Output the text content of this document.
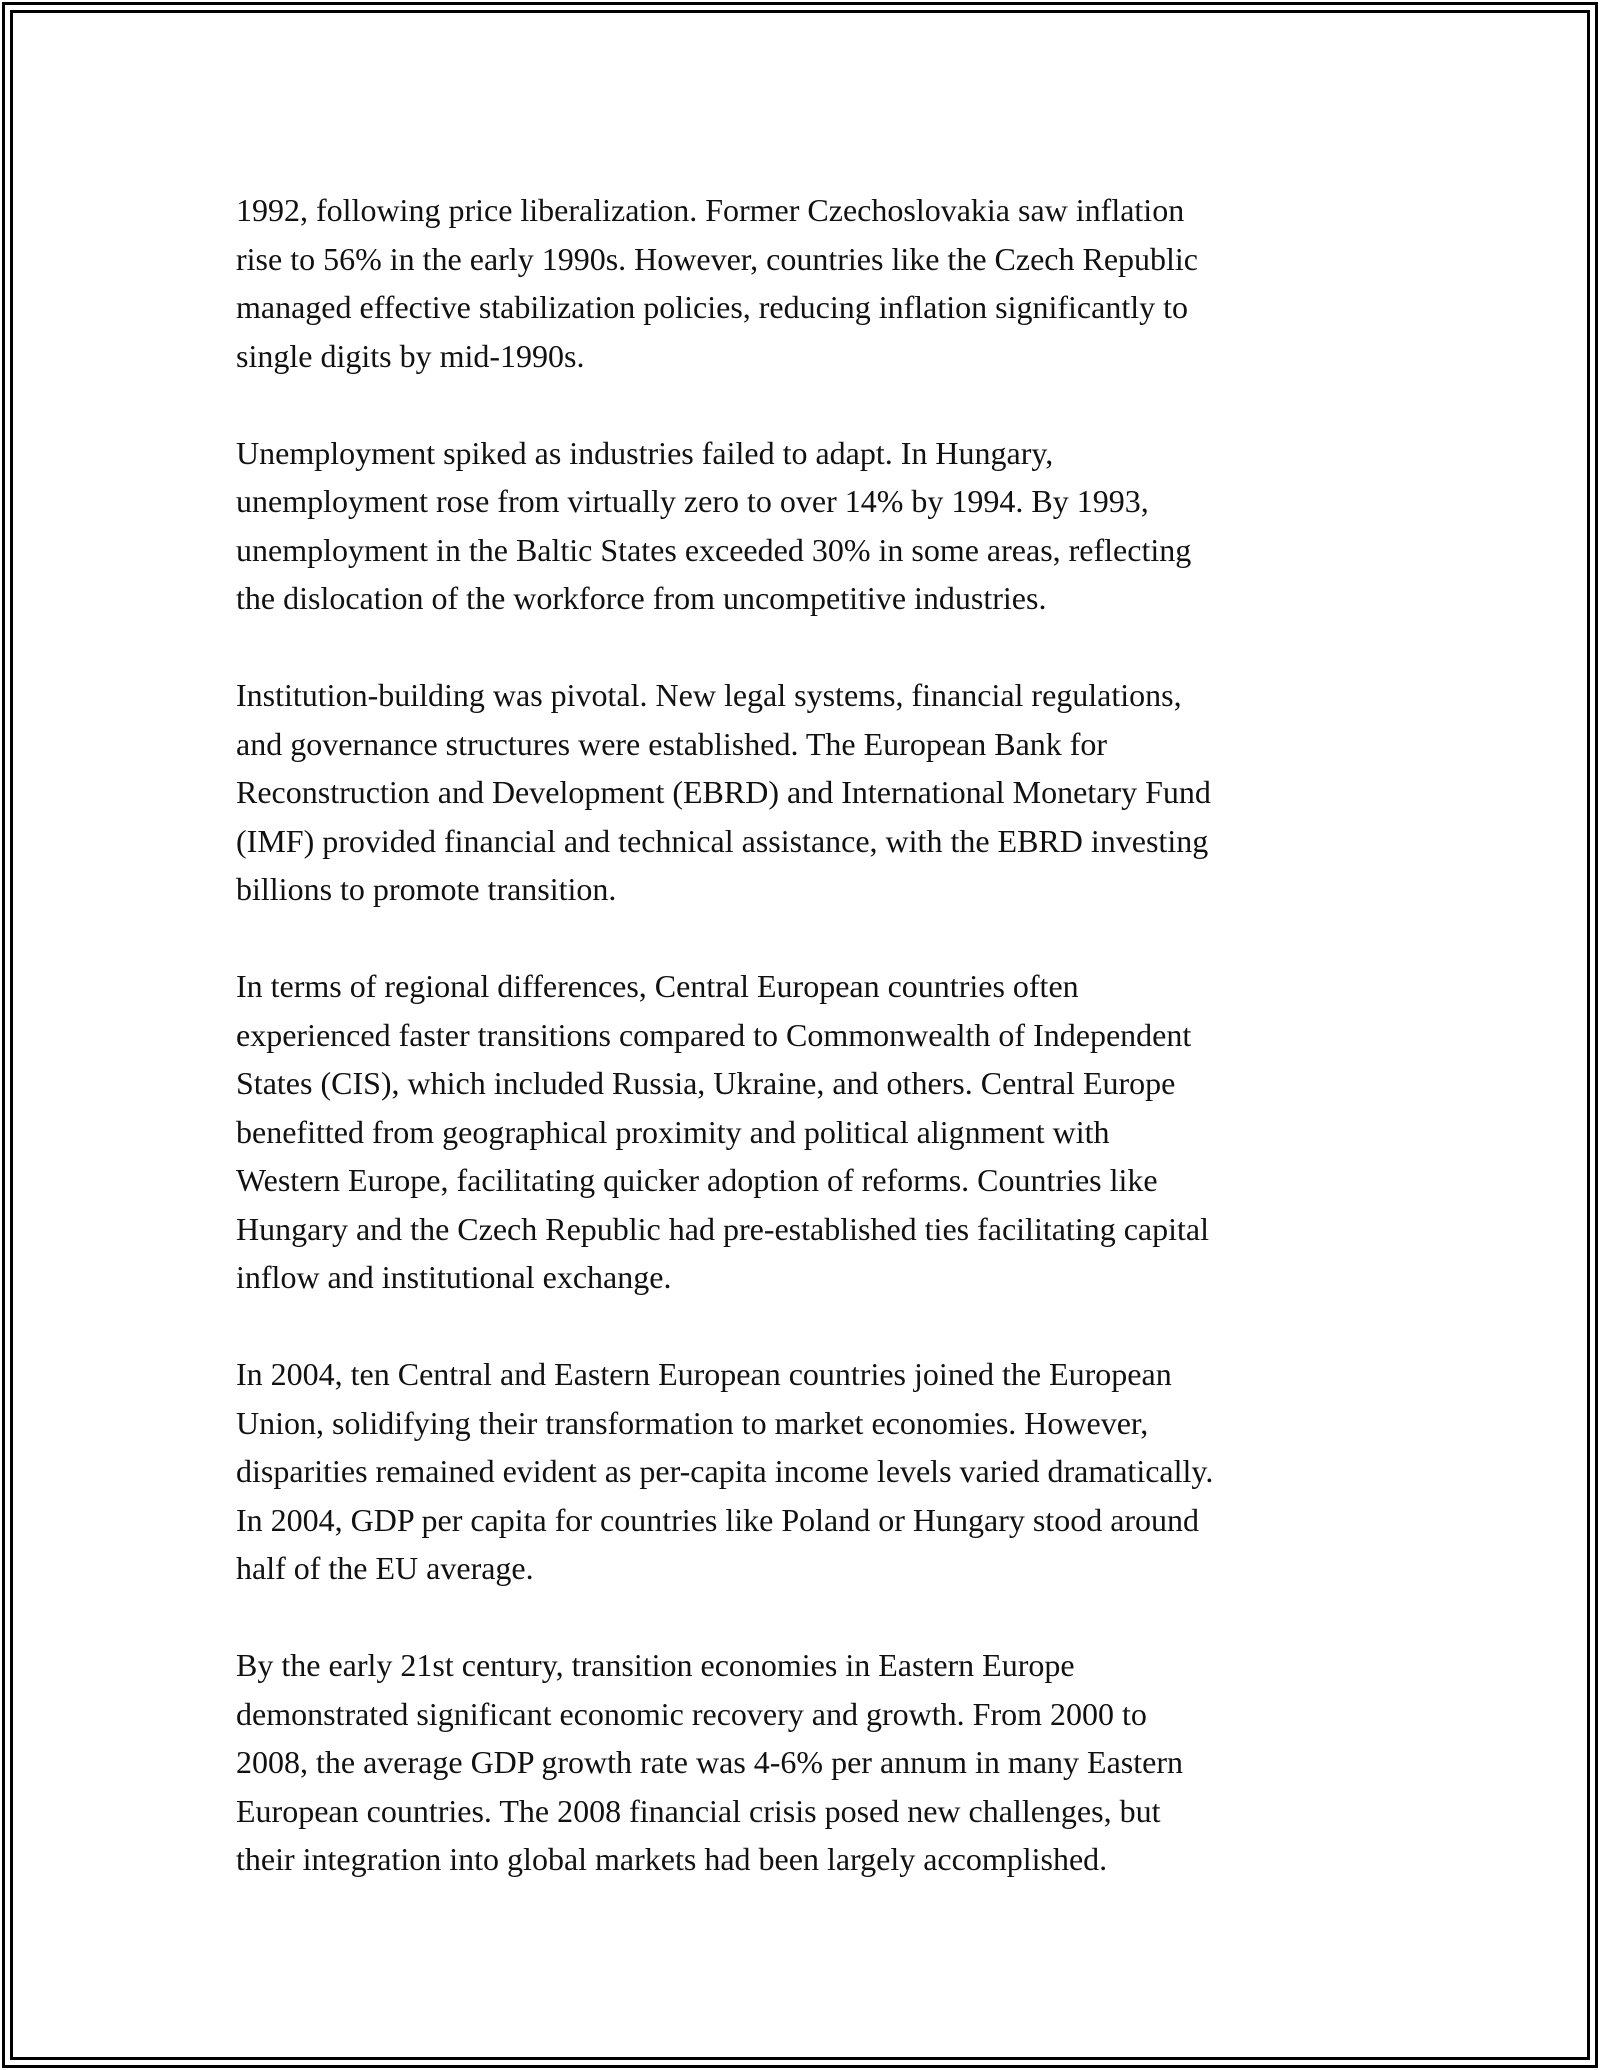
1992, following price liberalization. Former Czechoslovakia saw inflation
rise to 56% in the early 1990s. However, countries like the Czech Republic
managed effective stabilization policies, reducing inflation significantly to
single digits by mid-1990s.

Unemployment spiked as industries failed to adapt. In Hungary,
unemployment rose from virtually zero to over 14% by 1994. By 1993,
unemployment in the Baltic States exceeded 30% in some areas, reflecting
the dislocation of the workforce from uncompetitive industries.

Institution-building was pivotal. New legal systems, financial regulations,
and governance structures were established. The European Bank for
Reconstruction and Development (EBRD) and International Monetary Fund
(IMF) provided financial and technical assistance, with the EBRD investing
billions to promote transition.

In terms of regional differences, Central European countries often
experienced faster transitions compared to Commonwealth of Independent
States (CIS), which included Russia, Ukraine, and others. Central Europe
benefitted from geographical proximity and political alignment with
Western Europe, facilitating quicker adoption of reforms. Countries like
Hungary and the Czech Republic had pre-established ties facilitating capital
inflow and institutional exchange.

In 2004, ten Central and Eastern European countries joined the European
Union, solidifying their transformation to market economies. However,
disparities remained evident as per-capita income levels varied dramatically.
In 2004, GDP per capita for countries like Poland or Hungary stood around
half of the EU average.

By the early 21st century, transition economies in Eastern Europe
demonstrated significant economic recovery and growth. From 2000 to
2008, the average GDP growth rate was 4-6% per annum in many Eastern
European countries. The 2008 financial crisis posed new challenges, but
their integration into global markets had been largely accomplished.
